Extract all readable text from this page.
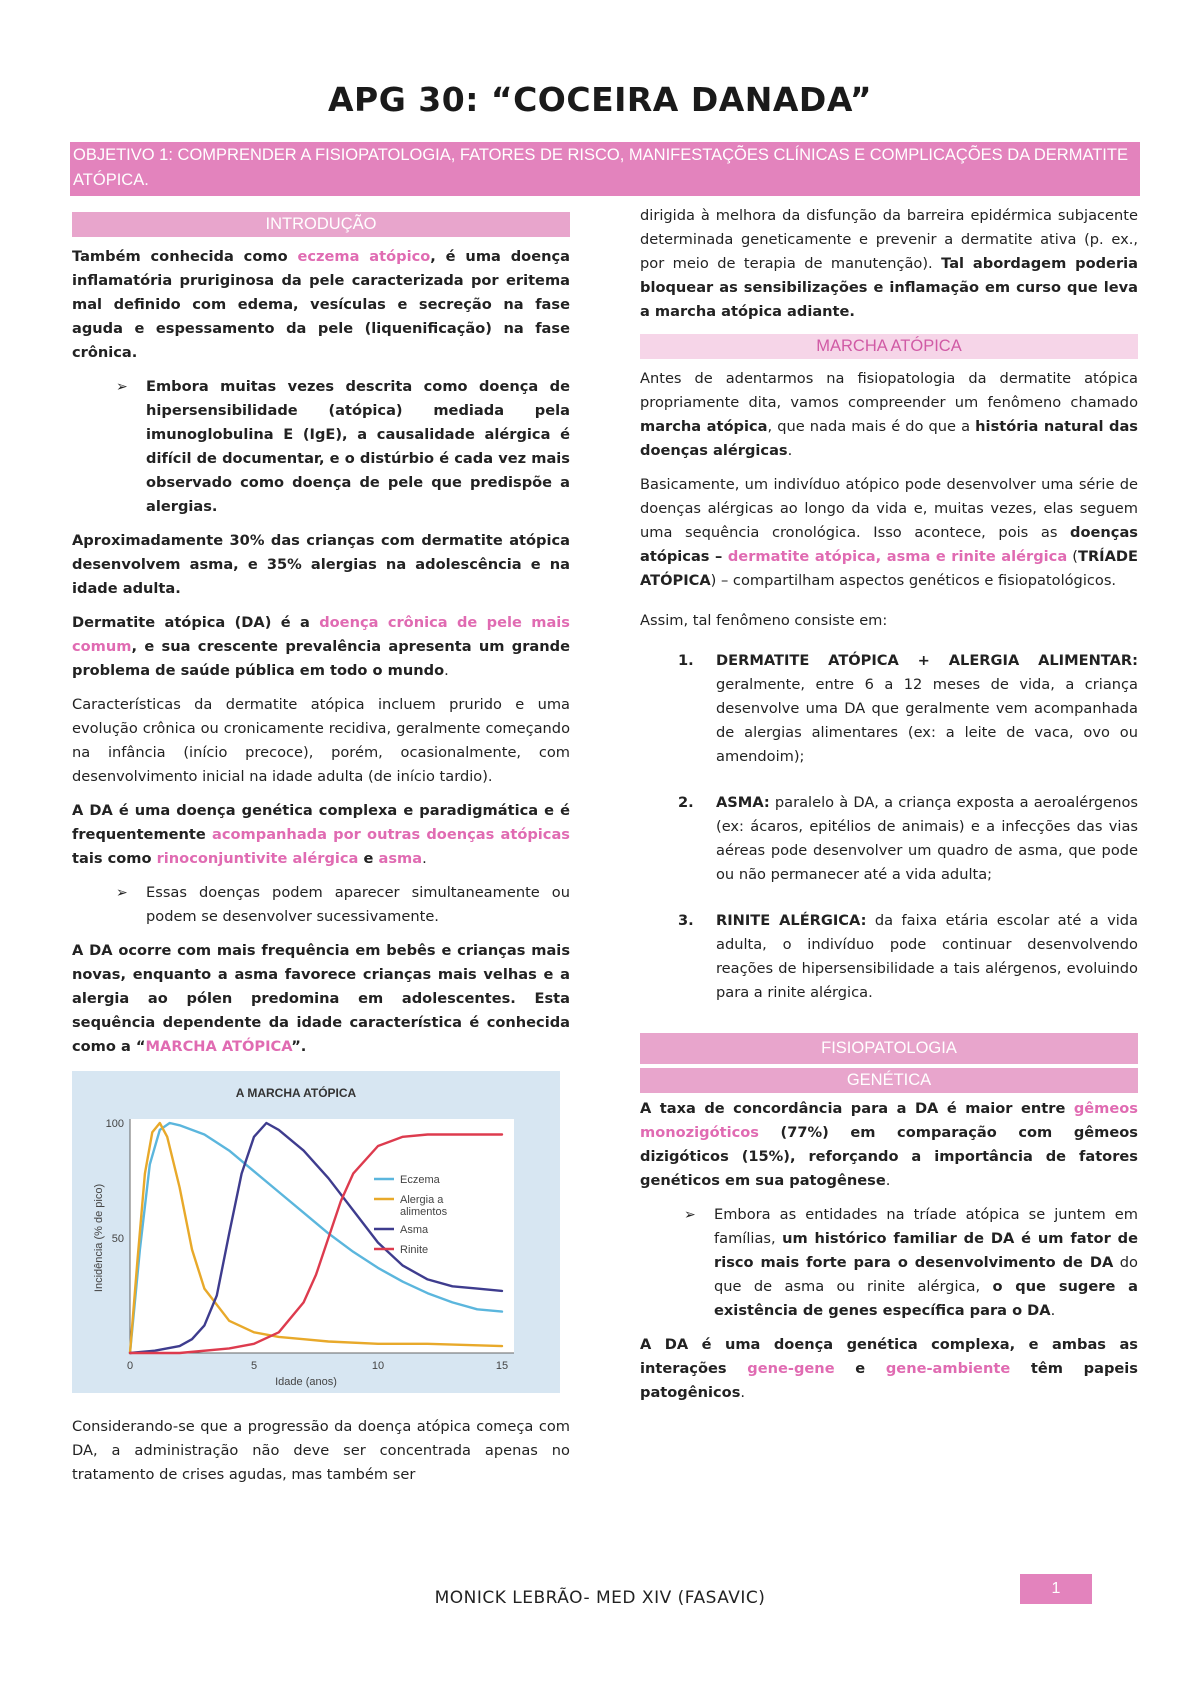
APG 30: “COCEIRA DANADA”
OBJETIVO 1: COMPRENDER A FISIOPATOLOGIA, FATORES DE RISCO, MANIFESTAÇÕES CLÍNICAS E COMPLICAÇÕES DA DERMATITE ATÓPICA.
INTRODUÇÃO

Também conhecida como eczema atópico, é uma doença inflamatória pruriginosa da pele caracterizada por eritema mal definido com edema, vesículas e secreção na fase aguda e espessamento da pele (liquenificação) na fase crônica.

➢ Embora muitas vezes descrita como doença de hipersensibilidade (atópica) mediada pela imunoglobulina E (IgE), a causalidade alérgica é difícil de documentar, e o distúrbio é cada vez mais observado como doença de pele que predispõe a alergias.

Aproximadamente 30% das crianças com dermatite atópica desenvolvem asma, e 35% alergias na adolescência e na idade adulta.

Dermatite atópica (DA) é a doença crônica de pele mais comum, e sua crescente prevalência apresenta um grande problema de saúde pública em todo o mundo.

Características da dermatite atópica incluem prurido e uma evolução crônica ou cronicamente recidiva, geralmente começando na infância (início precoce), porém, ocasionalmente, com desenvolvimento inicial na idade adulta (de início tardio).

A DA é uma doença genética complexa e paradigmática e é frequentemente acompanhada por outras doenças atópicas tais como rinoconjuntivite alérgica e asma.

➢ Essas doenças podem aparecer simultaneamente ou podem se desenvolver sucessivamente.

A DA ocorre com mais frequência em bebês e crianças mais novas, enquanto a asma favorece crianças mais velhas e a alergia ao pólen predomina em adolescentes. Esta sequência dependente da idade característica é conhecida como a “MARCHA ATÓPICA”.

A MARCHA ATÓPICA
0	5	10	15
50
100
Idade (anos)
Incidência (% de pico)
Eczema
Alergia a
alimentos
Asma
Rinite

Considerando-se que a progressão da doença atópica começa com DA, a administração não deve ser concentrada apenas no tratamento de crises agudas, mas também ser

dirigida à melhora da disfunção da barreira epidérmica subjacente determinada geneticamente e prevenir a dermatite ativa (p. ex., por meio de terapia de manutenção). Tal abordagem poderia bloquear as sensibilizações e inflamação em curso que leva a marcha atópica adiante.

MARCHA ATÓPICA

Antes de adentarmos na fisiopatologia da dermatite atópica propriamente dita, vamos compreender um fenômeno chamado marcha atópica, que nada mais é do que a história natural das doenças alérgicas.

Basicamente, um indivíduo atópico pode desenvolver uma série de doenças alérgicas ao longo da vida e, muitas vezes, elas seguem uma sequência cronológica. Isso acontece, pois as doenças atópicas – dermatite atópica, asma e rinite alérgica (TRÍADE ATÓPICA) – compartilham aspectos genéticos e fisiopatológicos.

Assim, tal fenômeno consiste em:

1. DERMATITE ATÓPICA + ALERGIA ALIMENTAR: geralmente, entre 6 a 12 meses de vida, a criança desenvolve uma DA que geralmente vem acompanhada de alergias alimentares (ex: a leite de vaca, ovo ou amendoim);
2. ASMA: paralelo à DA, a criança exposta a aeroalérgenos (ex: ácaros, epitélios de animais) e a infecções das vias aéreas pode desenvolver um quadro de asma, que pode ou não permanecer até a vida adulta;
3. RINITE ALÉRGICA: da faixa etária escolar até a vida adulta, o indivíduo pode continuar desenvolvendo reações de hipersensibilidade a tais alérgenos, evoluindo para a rinite alérgica.
FISIOPATOLOGIA
GENÉTICA

A taxa de concordância para a DA é maior entre gêmeos monozigóticos (77%) em comparação com gêmeos dizigóticos (15%), reforçando a importância de fatores genéticos em sua patogênese.

➢ Embora as entidades na tríade atópica se juntem em famílias, um histórico familiar de DA é um fator de risco mais forte para o desenvolvimento de DA do que de asma ou rinite alérgica, o que sugere a existência de genes específica para o DA.

A DA é uma doença genética complexa, e ambas as interações gene-gene e gene-ambiente têm papeis patogênicos.

MONICK LEBRÃO- MED XIV (FASAVIC)	1
